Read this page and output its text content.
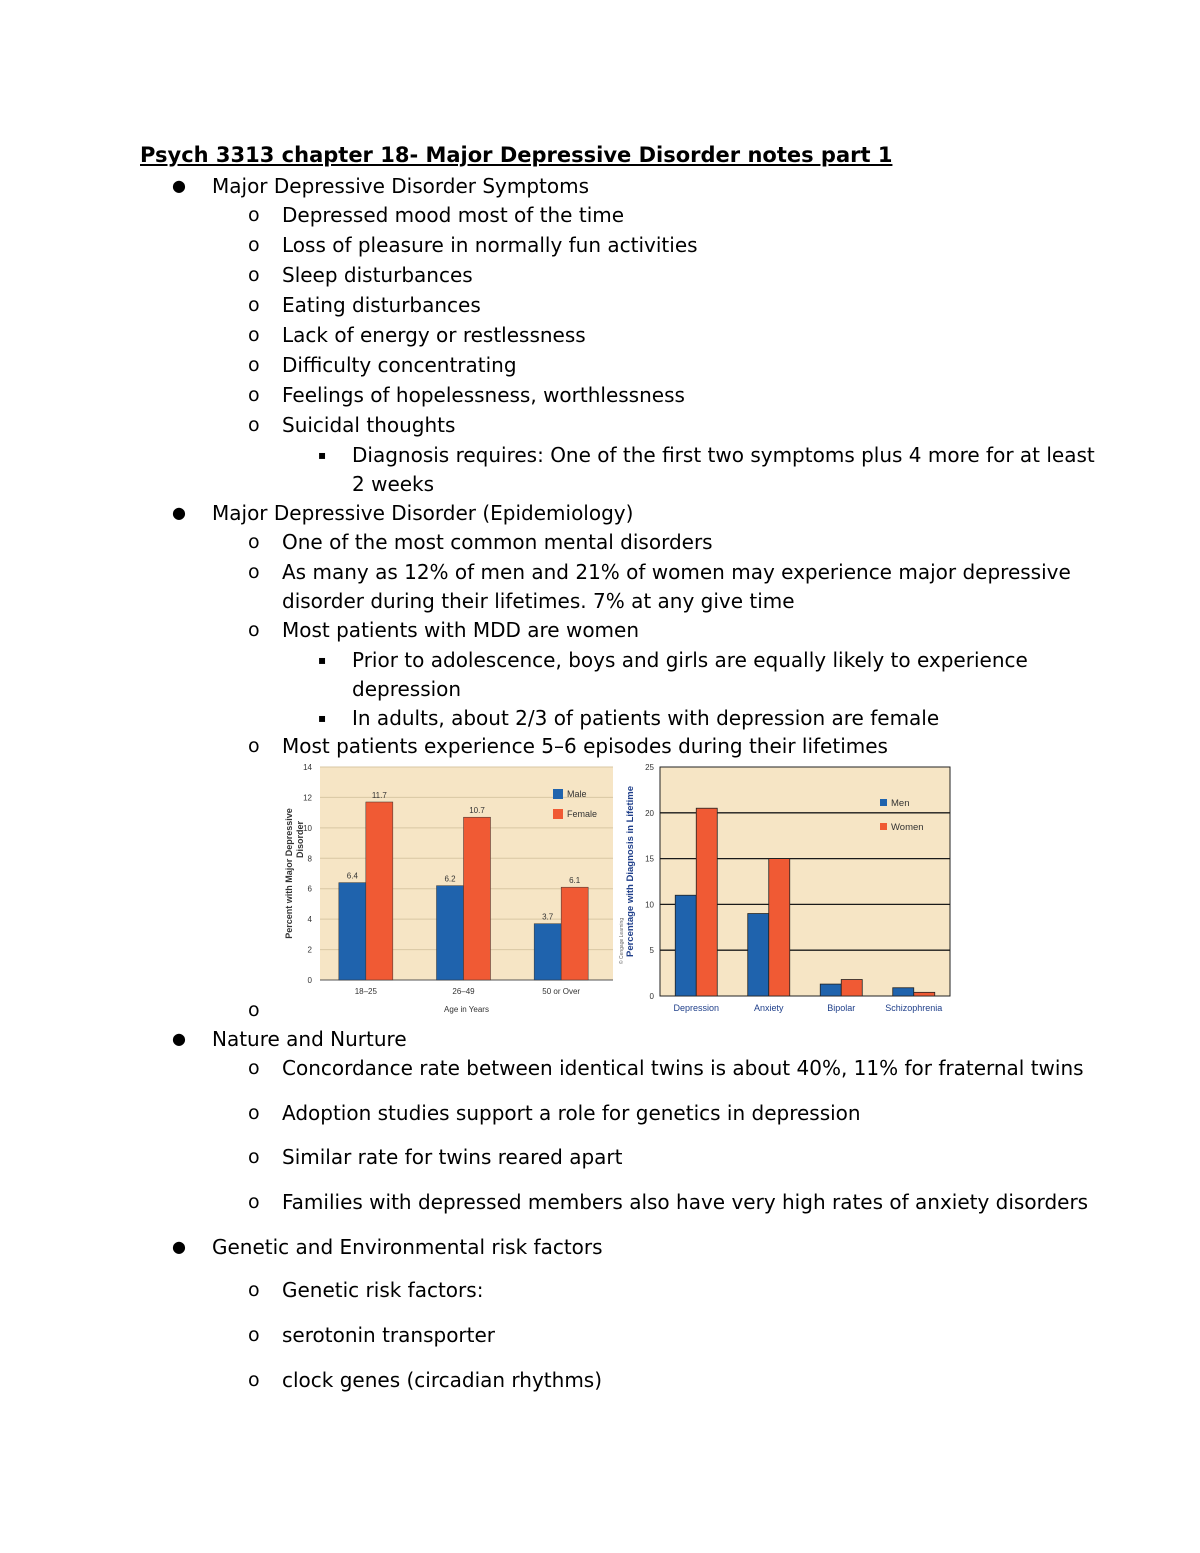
Psych 3313 chapter 18- Major Depressive Disorder notes part 1
● Major Depressive Disorder Symptoms
o Depressed mood most of the time
o Loss of pleasure in normally fun activities
o Sleep disturbances
o Eating disturbances
o Lack of energy or restlessness
o Difficulty concentrating
o Feelings of hopelessness, worthlessness
o Suicidal thoughts
▪ Diagnosis requires: One of the first two symptoms plus 4 more for at least
2 weeks
● Major Depressive Disorder (Epidemiology)
o One of the most common mental disorders
o As many as 12% of men and 21% of women may experience major depressive
disorder during their lifetimes. 7% at any give time
o Most patients with MDD are women
▪ Prior to adolescence, boys and girls are equally likely to experience
depression
▪ In adults, about 2/3 of patients with depression are female
o Most patients experience 5–6 episodes during their lifetimes
o
0
2
4
6
8
10
12
14
6.4
11.7
18–25
6.2
10.7
26–49
3.7
6.1
50 or Over
Age in Years
Percent with Major Depressive Disorder
Male
Female
0
5
10
15
20
25
Depression	Anxiety	Bipolar	Schizophrenia
Percentage with Diagnosis in Lifetime
© Cengage Learning
Men
Women
● Nature and Nurture
o Concordance rate between identical twins is about 40%, 11% for fraternal twins
o Adoption studies support a role for genetics in depression
o Similar rate for twins reared apart
o Families with depressed members also have very high rates of anxiety disorders
● Genetic and Environmental risk factors
o Genetic risk factors:
o serotonin transporter
o clock genes (circadian rhythms)
